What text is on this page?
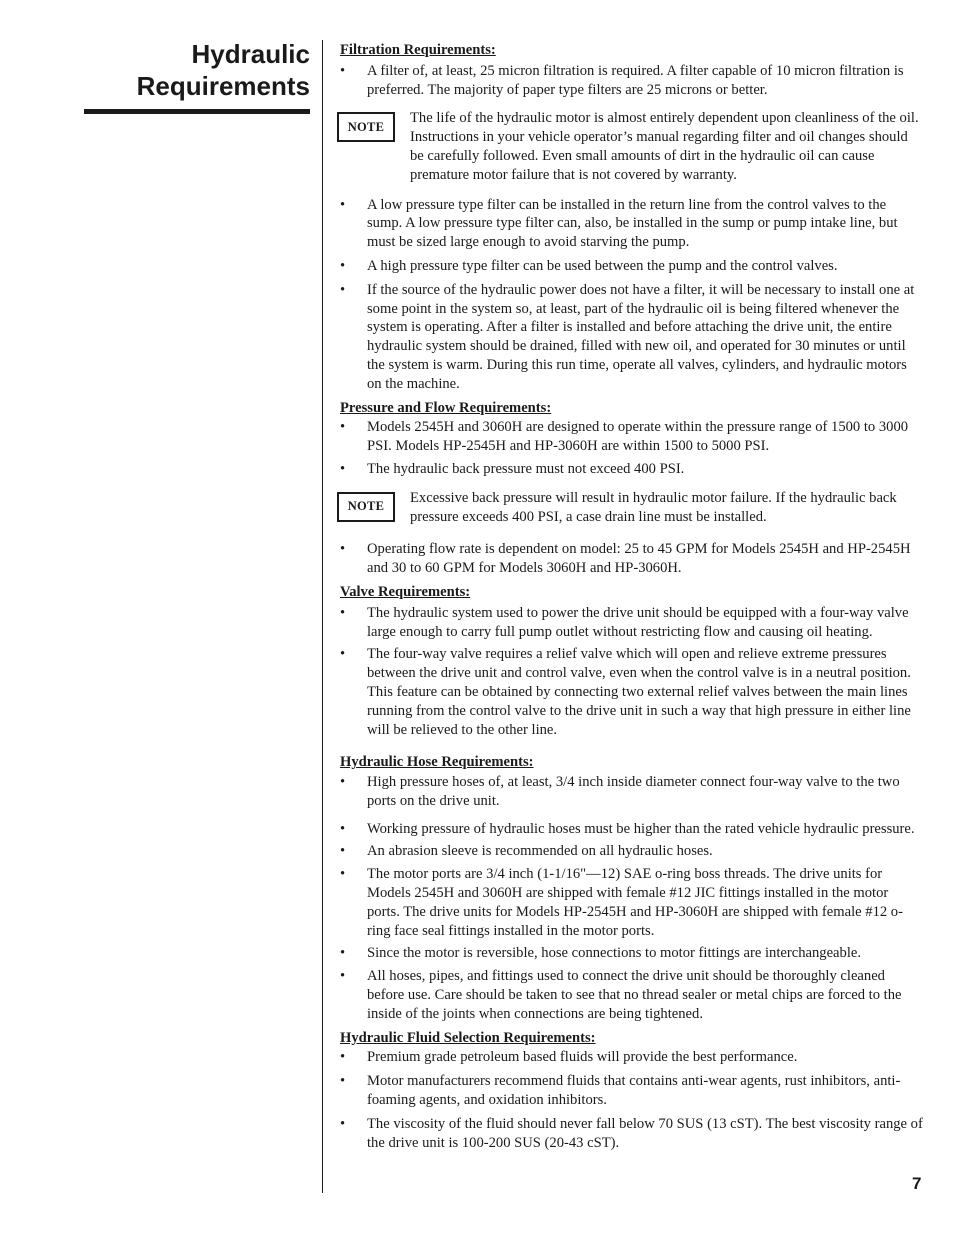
Hydraulic
Requirements
Filtration Requirements:
• A filter of, at least, 25 micron filtration is required. A filter capable of 10 micron filtration is preferred. The majority of paper type filters are 25 microns or better.
NOTE
The life of the hydraulic motor is almost entirely dependent upon cleanliness of the oil. Instructions in your vehicle operator’s manual regarding filter and oil changes should be carefully followed. Even small amounts of dirt in the hydraulic oil can cause premature motor failure that is not covered by warranty.
• A low pressure type filter can be installed in the return line from the control valves to the sump. A low pressure type filter can, also, be installed in the sump or pump intake line, but must be sized large enough to avoid starving the pump.
• A high pressure type filter can be used between the pump and the control valves.
• If the source of the hydraulic power does not have a filter, it will be necessary to install one at some point in the system so, at least, part of the hydraulic oil is being filtered whenever the system is operating. After a filter is installed and before attaching the drive unit, the entire hydraulic system should be drained, filled with new oil, and operated for 30 minutes or until the system is warm. During this run time, operate all valves, cylinders, and hydraulic motors on the machine.
Pressure and Flow Requirements:
• Models 2545H and 3060H are designed to operate within the pressure range of 1500 to 3000 PSI. Models HP-2545H and HP-3060H are within 1500 to 5000 PSI.
• The hydraulic back pressure must not exceed 400 PSI.
NOTE
Excessive back pressure will result in hydraulic motor failure. If the hydraulic back pressure exceeds 400 PSI, a case drain line must be installed.
• Operating flow rate is dependent on model: 25 to 45 GPM for Models 2545H and HP-2545H and 30 to 60 GPM for Models 3060H and HP-3060H.
Valve Requirements:
• The hydraulic system used to power the drive unit should be equipped with a four-way valve large enough to carry full pump outlet without restricting flow and causing oil heating.
• The four-way valve requires a relief valve which will open and relieve extreme pressures between the drive unit and control valve, even when the control valve is in a neutral position. This feature can be obtained by connecting two external relief valves between the main lines running from the control valve to the drive unit in such a way that high pressure in either line will be relieved to the other line.
Hydraulic Hose Requirements:
• High pressure hoses of, at least, 3/4 inch inside diameter connect four-way valve to the two ports on the drive unit.
• Working pressure of hydraulic hoses must be higher than the rated vehicle hydraulic pressure.
• An abrasion sleeve is recommended on all hydraulic hoses.
• The motor ports are 3/4 inch (1-1/16"—12) SAE o-ring boss threads. The drive units for Models 2545H and 3060H are shipped with female #12 JIC fittings installed in the motor ports. The drive units for Models HP-2545H and HP-3060H are shipped with female #12 o-ring face seal fittings installed in the motor ports.
• Since the motor is reversible, hose connections to motor fittings are interchangeable.
• All hoses, pipes, and fittings used to connect the drive unit should be thoroughly cleaned before use. Care should be taken to see that no thread sealer or metal chips are forced to the inside of the joints when connections are being tightened.
Hydraulic Fluid Selection Requirements:
• Premium grade petroleum based fluids will provide the best performance.
• Motor manufacturers recommend fluids that contains anti-wear agents, rust inhibitors, anti-foaming agents, and oxidation inhibitors.
• The viscosity of the fluid should never fall below 70 SUS (13 cST). The best viscosity range of the drive unit is 100-200 SUS (20-43 cST).
7
